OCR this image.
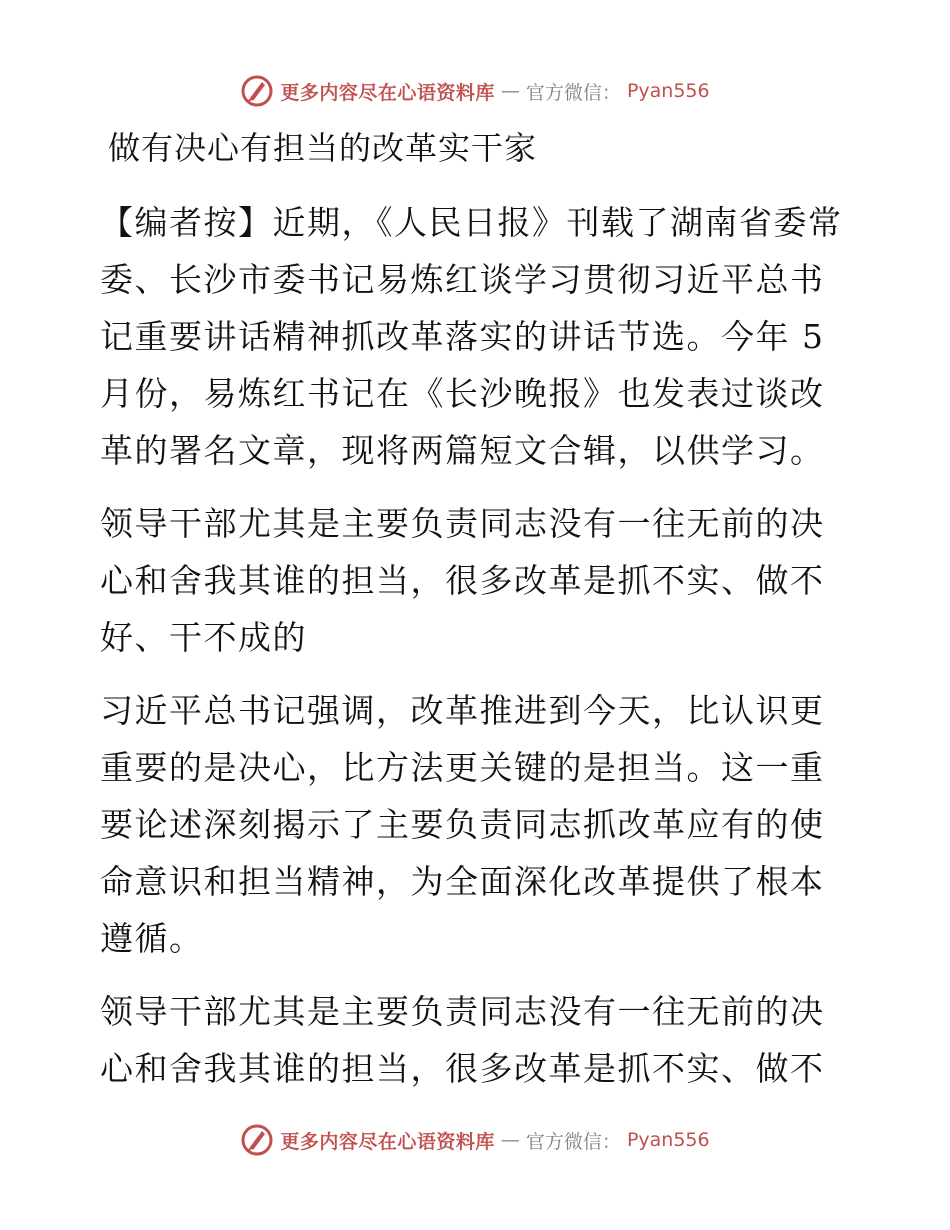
更多内容尽在心语资料库 — 官方微信： Pyan556
做有决心有担当的改革实干家

【编者按】近期，《人民日报》刊载了湖南省委常委、长沙市委书记易炼红谈学习贯彻习近平总书记重要讲话精神抓改革落实的讲话节选。今年 5 月份，易炼红书记在《长沙晚报》也发表过谈改革的署名文章，现将两篇短文合辑，以供学习。

领导干部尤其是主要负责同志没有一往无前的决心和舍我其谁的担当，很多改革是抓不实、做不好、干不成的

习近平总书记强调，改革推进到今天，比认识更重要的是决心，比方法更关键的是担当。这一重要论述深刻揭示了主要负责同志抓改革应有的使命意识和担当精神，为全面深化改革提供了根本遵循。

领导干部尤其是主要负责同志没有一往无前的决心和舍我其谁的担当，很多改革是抓不实、做不

更多内容尽在心语资料库 — 官方微信： Pyan556
